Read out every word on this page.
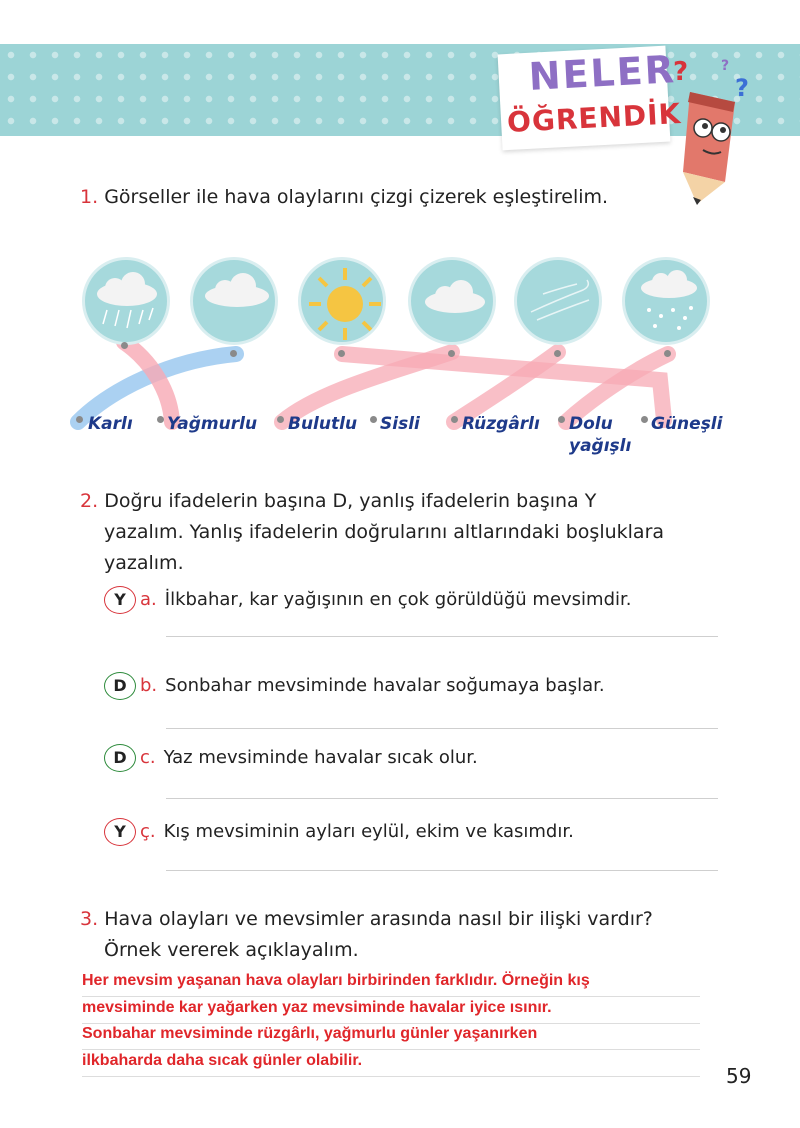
NELER
ÖĞRENDİK
?
?
?
1. Görseller ile hava olaylarını çizgi çizerek eşleştirelim.
Karlı Yağmurlu Bulutlu Sisli Rüzgârlı Dolu
yağışlı
Güneşli
2. Doğru ifadelerin başına D, yanlış ifadelerin başına Y
yazalım. Yanlış ifadelerin doğrularını altlarındaki boşluklara
yazalım.
Y a. İlkbahar, kar yağışının en çok görüldüğü mevsimdir.
D b. Sonbahar mevsiminde havalar soğumaya başlar.
D c. Yaz mevsiminde havalar sıcak olur.
Y ç. Kış mevsiminin ayları eylül, ekim ve kasımdır.
3. Hava olayları ve mevsimler arasında nasıl bir ilişki vardır?
Örnek vererek açıklayalım.
Her mevsim yaşanan hava olayları birbirinden farklıdır. Örneğin kış
mevsiminde kar yağarken yaz mevsiminde havalar iyice ısınır.
Sonbahar mevsiminde rüzgârlı, yağmurlu günler yaşanırken
ilkbaharda daha sıcak günler olabilir.
59
